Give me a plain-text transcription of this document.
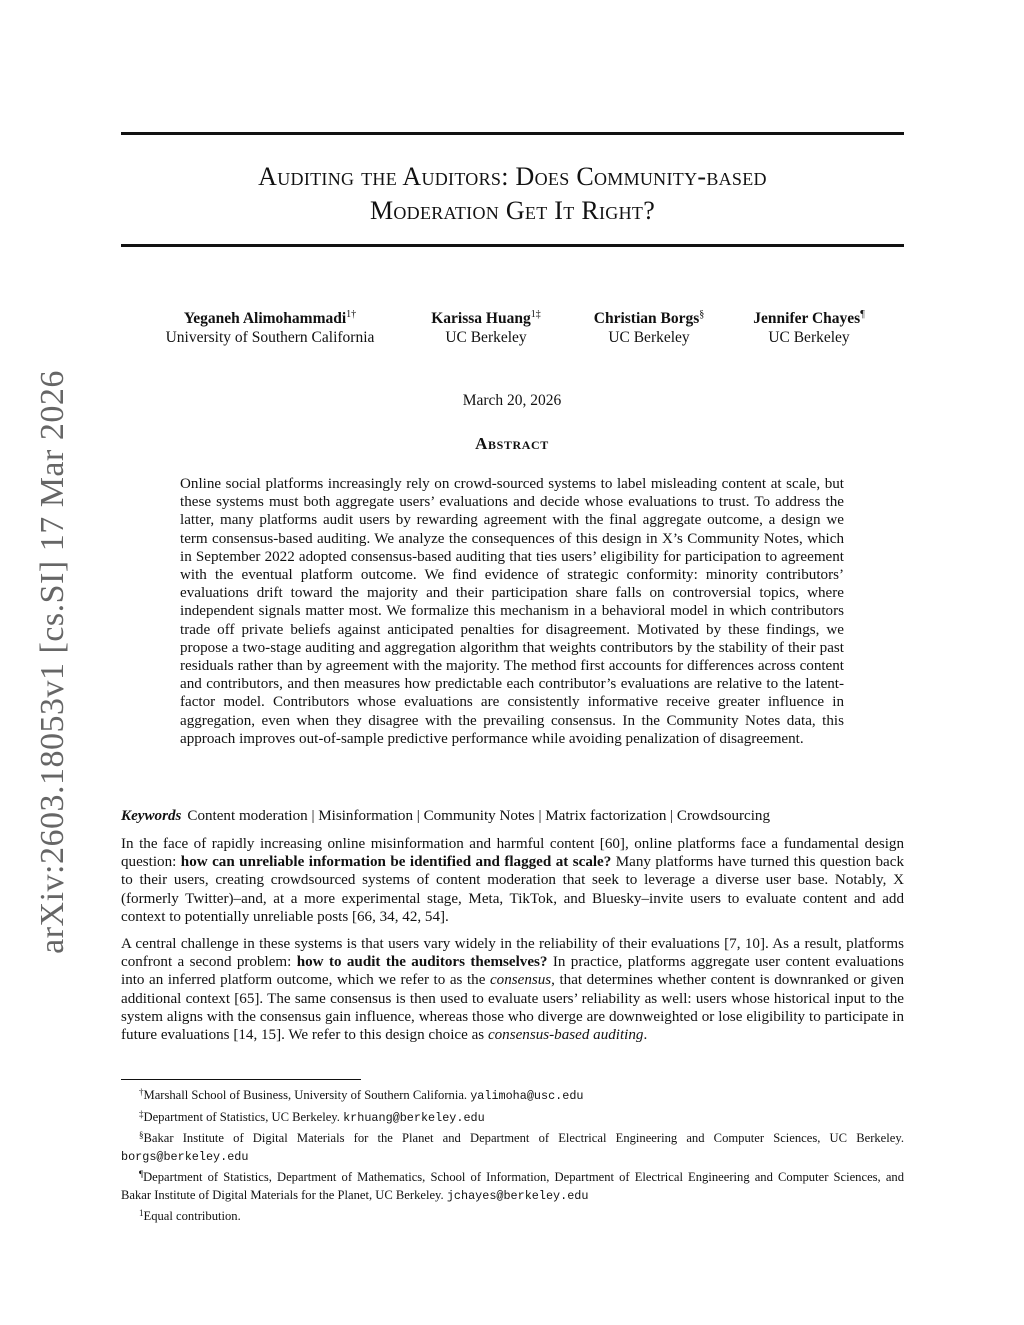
Auditing the Auditors: Does Community-based
Moderation Get It Right?
Yeganeh Alimohammadi$^{1\dagger}$
University of Southern California
Karissa Huang$^{1\ddagger}$
UC Berkeley
Christian Borgs§
UC Berkeley
Jennifer Chayes¶
UC Berkeley
arXiv:2603.18053v1 [cs.SI] 17 Mar 2026	March 20, 2026
Abstract

Online social platforms increasingly rely on crowd-sourced systems to label misleading content at scale, but these systems must both aggregate users’ evaluations and decide whose evaluations to trust. To address the latter, many platforms audit users by rewarding agreement with the final aggregate outcome, a design we term consensus-based auditing. We analyze the consequences of this design in X’s Community Notes, which in September 2022 adopted consensus-based auditing that ties users’ eligibility for participation to agreement with the eventual platform outcome. We find evidence of strategic conformity: minority contributors’ evaluations drift toward the majority and their participation share falls on controversial topics, where independent signals matter most. We formalize this mechanism in a behavioral model in which contributors trade off private beliefs against anticipated penalties for disagreement. Motivated by these findings, we propose a two-stage auditing and aggregation algorithm that weights contributors by the stability of their past residuals rather than by agreement with the majority. The method first accounts for differences across content and contributors, and then measures how predictable each contributor’s evaluations are relative to the latent-factor model. Contributors whose evaluations are consistently informative receive greater influence in aggregation, even when they disagree with the prevailing consensus. In the Community Notes data, this approach improves out-of-sample predictive performance while avoiding penalization of disagreement.

Keywords Content moderation | Misinformation | Community Notes | Matrix factorization | Crowdsourcing

In the face of rapidly increasing online misinformation and harmful content [60], online platforms face a fundamental design question: how can unreliable information be identified and flagged at scale? Many platforms have turned this question back to their users, creating crowdsourced systems of content moderation that seek to leverage a diverse user base. Notably, X (formerly Twitter)–and, at a more experimental stage, Meta, TikTok, and Bluesky–invite users to evaluate content and add context to potentially unreliable posts [66, 34, 42, 54].

A central challenge in these systems is that users vary widely in the reliability of their evaluations [7, 10]. As a result, platforms confront a second problem: how to audit the auditors themselves? In practice, platforms aggregate user content evaluations into an inferred platform outcome, which we refer to as the consensus, that determines whether content is downranked or given additional context [65]. The same consensus is then used to evaluate users’ reliability as well: users whose historical input to the system aligns with the consensus gain influence, whereas those who diverge are downweighted or lose eligibility to participate in future evaluations [14, 15]. We refer to this design choice as consensus-based auditing.

†Marshall School of Business, University of Southern California. yalimoha@usc.edu

‡Department of Statistics, UC Berkeley. krhuang@berkeley.edu

§Bakar Institute of Digital Materials for the Planet and Department of Electrical Engineering and Computer Sciences, UC Berkeley. borgs@berkeley.edu

¶Department of Statistics, Department of Mathematics, School of Information, Department of Electrical Engineering and Computer Sciences, and Bakar Institute of Digital Materials for the Planet, UC Berkeley. jchayes@berkeley.edu

$^1$Equal contribution.
